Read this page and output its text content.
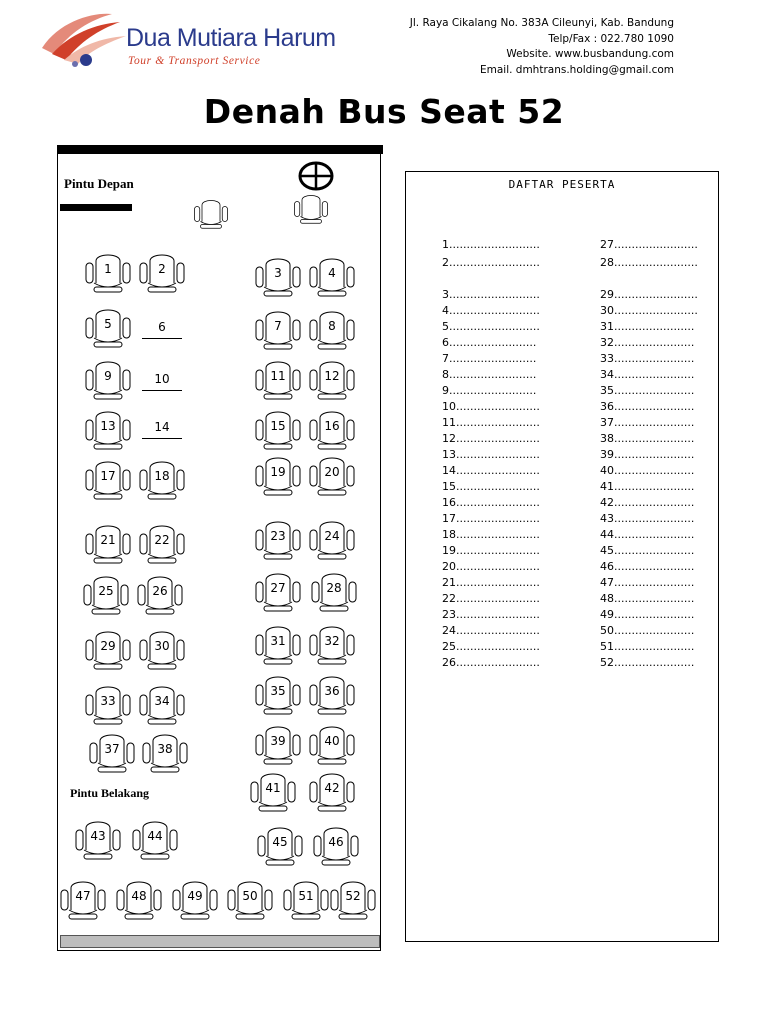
Dua Mutiara Harum
Tour & Transport Service
Jl. Raya Cikalang No. 383A Cileunyi, Kab. Bandung
Telp/Fax : 022.780 1090
Website. www.busbandung.com
Email. dmhtrans.holding@gmail.com
Denah Bus Seat 52
Pintu Depan
Pintu Belakang
1	2	3	4
5	7	8
9	11	12
13	15	16
17	18	19	20
21	22	23	24
25	26	27	28
29	30	31	32
33	34
35	36
37	38
39	40
41	42
43	44	45	46
47	48	49	50	51	52
6
10
14
DAFTAR PESERTA
1..........................
2..........................
3..........................
4..........................
5..........................
6.........................
7.........................
8.........................
9.........................
10........................
11........................
12........................
13........................
14........................
15........................
16........................
17........................
18........................
19........................
20........................
21........................
22........................
23........................
24........................
25........................
26........................
27........................
28........................
29........................
30........................
31.......................
32.......................
33.......................
34.......................
35.......................
36.......................
37.......................
38.......................
39.......................
40.......................
41.......................
42.......................
43.......................
44.......................
45.......................
46.......................
47.......................
48.......................
49.......................
50.......................
51.......................
52.......................
